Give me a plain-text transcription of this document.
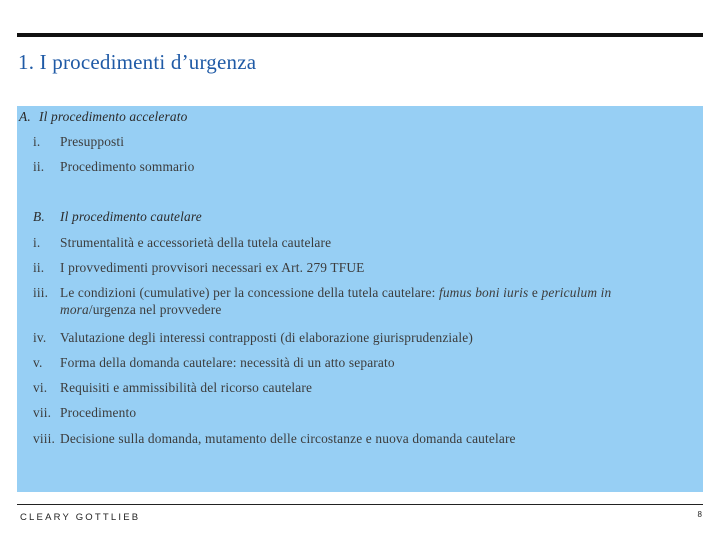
1. I procedimenti d’urgenza
A. Il procedimento accelerato
i. Presupposti
ii. Procedimento sommario
B. Il procedimento cautelare
i. Strumentalità e accessorietà della tutela cautelare
ii. I provvedimenti provvisori necessari ex Art. 279 TFUE
iii. Le condizioni (cumulative) per la concessione della tutela cautelare: fumus boni iuris e periculum in
mora/urgenza nel provvedere
iv. Valutazione degli interessi contrapposti (di elaborazione giurisprudenziale)
v. Forma della domanda cautelare: necessità di un atto separato
vi. Requisiti e ammissibilità del ricorso cautelare
vii. Procedimento
viii. Decisione sulla domanda, mutamento delle circostanze e nuova domanda cautelare
CLEARY GOTTLIEB	8
